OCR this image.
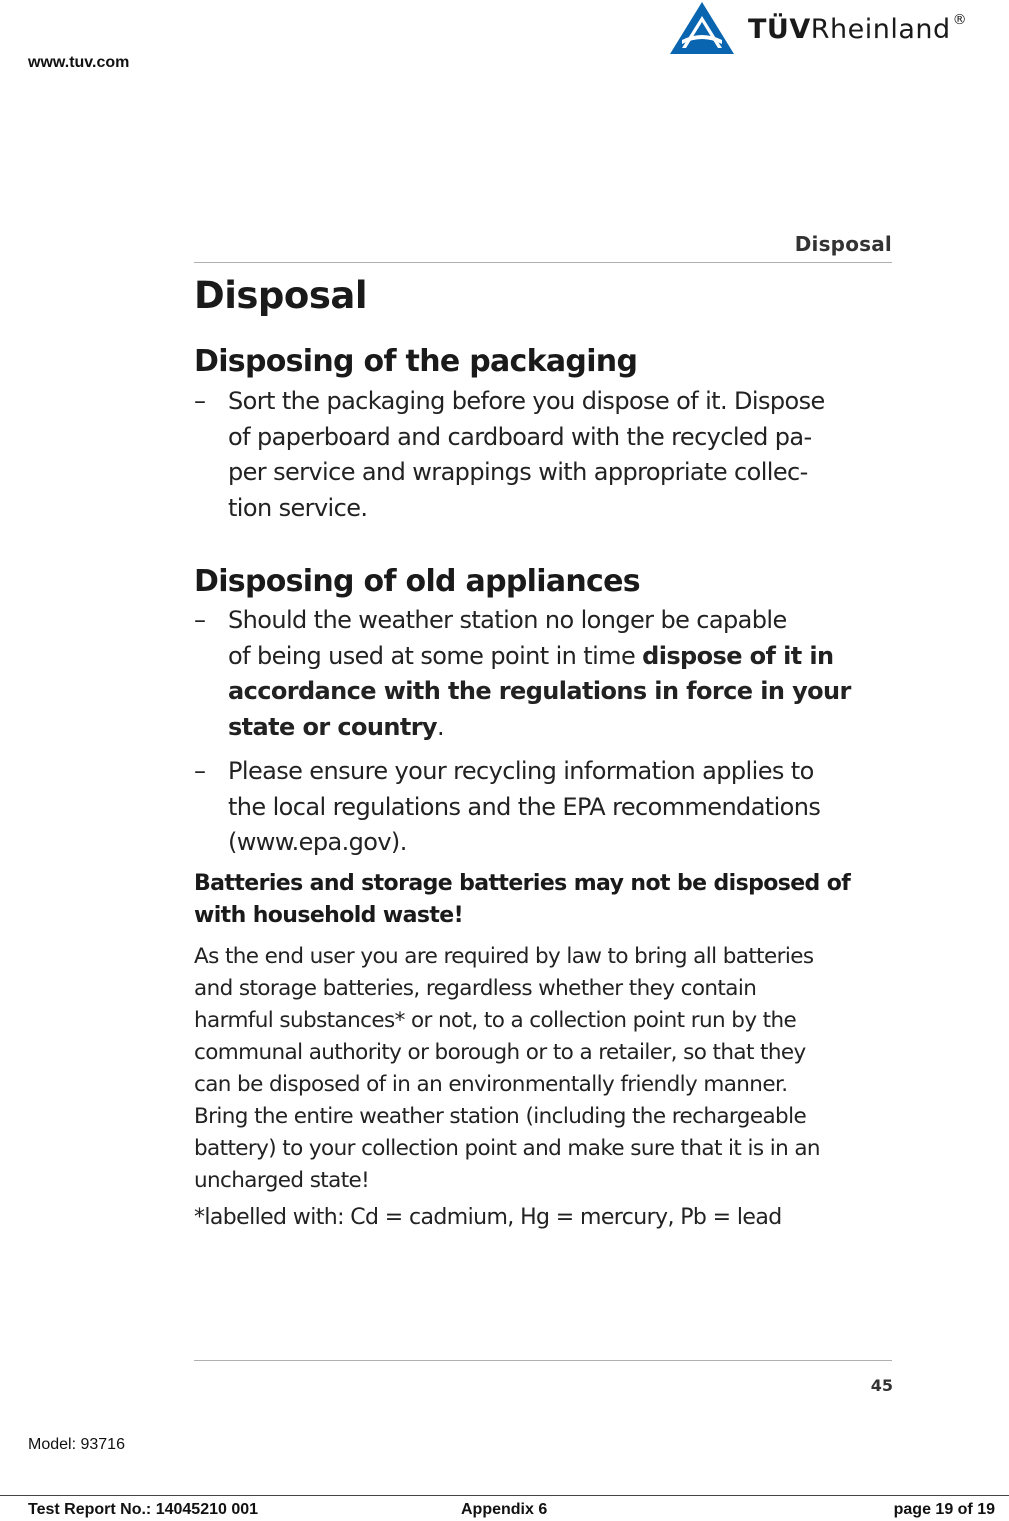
www.tuv.com
TÜVRheinland ®
Disposal
Disposal
Disposing of the packaging
– Sort the packaging before you dispose of it. Dispose
of paperboard and cardboard with the recycled pa-
per service and wrappings with appropriate collec-
tion service.
Disposing of old appliances
– Should the weather station no longer be capable
of being used at some point in time dispose of it in
accordance with the regulations in force in your
state or country.
– Please ensure your recycling information applies to
the local regulations and the EPA recommendations
(www.epa.gov).
Batteries and storage batteries may not be disposed of
with household waste!
As the end user you are required by law to bring all batteries
and storage batteries, regardless whether they contain
harmful substances* or not, to a collection point run by the
communal authority or borough or to a retailer, so that they
can be disposed of in an environmentally friendly manner.
Bring the entire weather station (including the rechargeable
battery) to your collection point and make sure that it is in an
uncharged state!
*labelled with: Cd = cadmium, Hg = mercury, Pb = lead
45
Model: 93716
Test Report No.: 14045210 001	Appendix 6	page 19 of 19
